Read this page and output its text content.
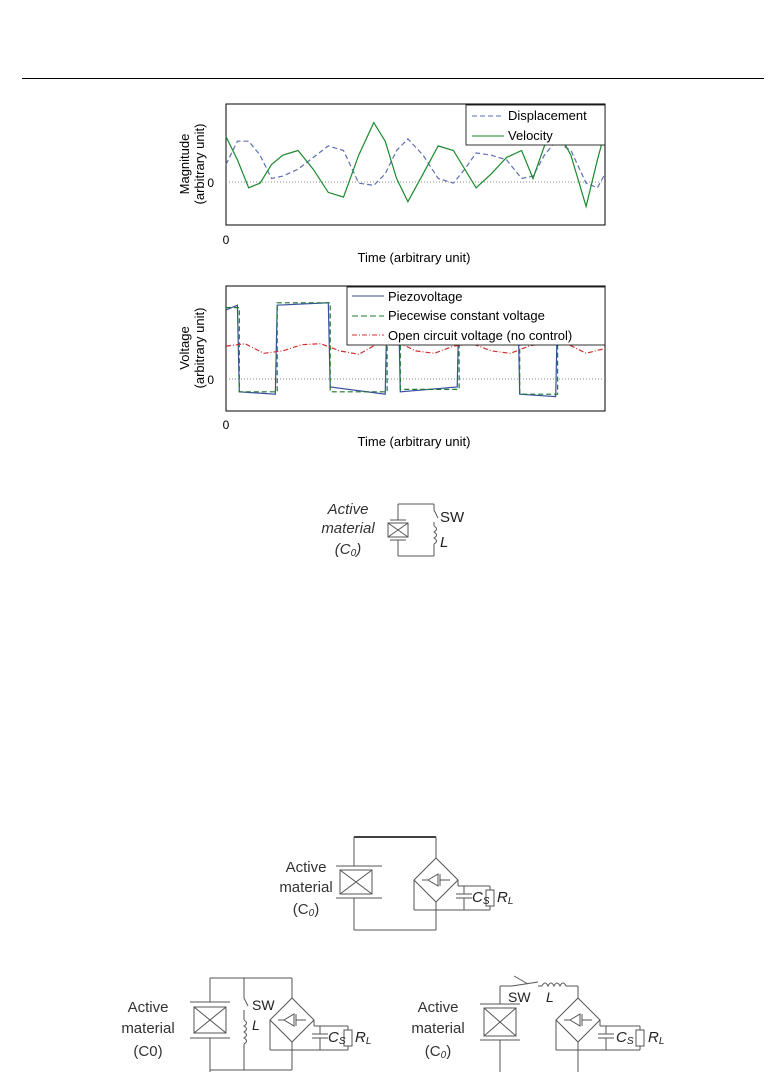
Displacement
Velocity
0
0
Time (arbitrary unit)
Magnitude (arbitrary unit)
Piezovoltage
Piecewise constant voltage
Open circuit voltage (no control)
0
0
Time (arbitrary unit)
Voltage (arbitrary unit)
Active
material
(C0)
SW
L
Active
material
(C0)
CS RL
Active
material
(C0)
SW
L
CS RL
Active
material
(C0)
SW L
CS RL
